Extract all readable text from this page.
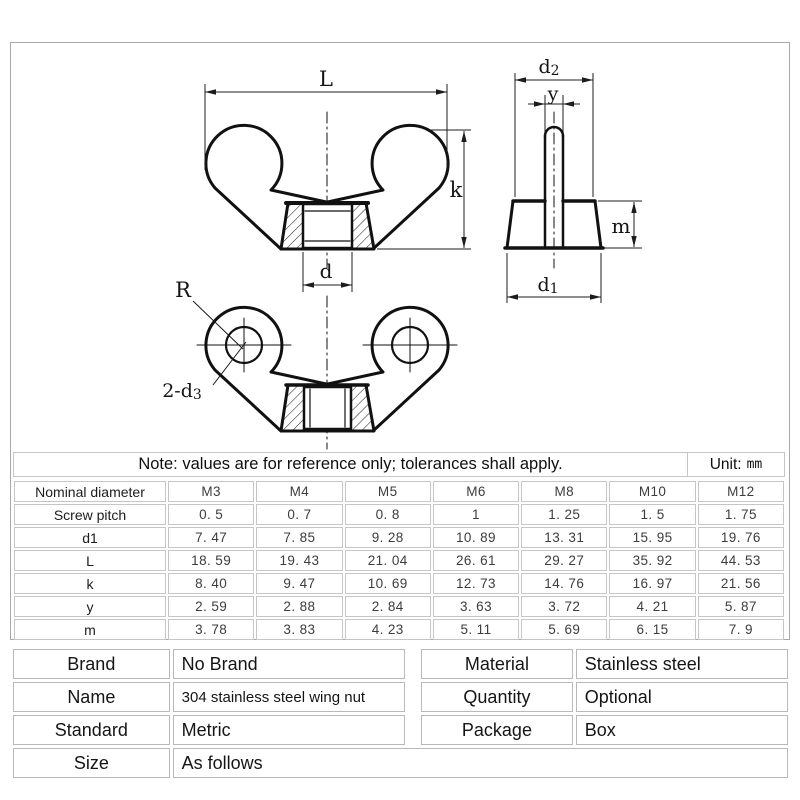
L
k
d
d2
y
m
d1
R
2-d3
Note: values are for reference only; tolerances shall apply.	Unit: mm
Nominal diameter	M3	M4	M5	M6	M8	M10	M12
Screw pitch	0. 5	0. 7	0. 8	1	1. 25	1. 5	1. 75
d1	7. 47	7. 85	9. 28	10. 89	13. 31	15. 95	19. 76
L	18. 59	19. 43	21. 04	26. 61	29. 27	35. 92	44. 53
k	8. 40	9. 47	10. 69	12. 73	14. 76	16. 97	21. 56
y	2. 59	2. 88	2. 84	3. 63	3. 72	4. 21	5. 87
m	3. 78	3. 83	4. 23	5. 11	5. 69	6. 15	7. 9
Brand	No Brand		Material	Stainless steel
Name	304 stainless steel wing nut		Quantity	Optional
Standard	Metric		Package	Box
Size	As follows			
